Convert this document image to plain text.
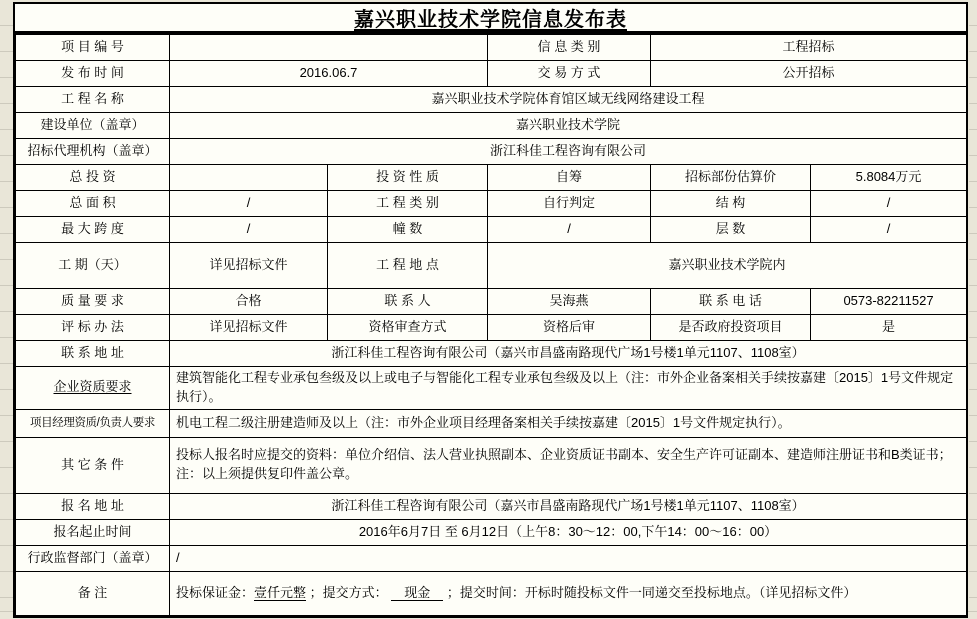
嘉兴职业技术学院信息发布表
项 目 编 号			信 息 类 别	工程招标	
发 布 时 间	2016.06.7		交 易 方 式	公开招标	
工 程 名 称	嘉兴职业技术学院体育馆区域无线网络建设工程				
建设单位（盖章）	嘉兴职业技术学院				
招标代理机构（盖章）	浙江科佳工程咨询有限公司				
总 投 资		投 资 性 质	自筹	招标部份估算价	5.8084万元
总 面 积	/	工 程 类 别	自行判定	结 构	/
最 大 跨 度	/	幢 数	/	层 数	/
工 期（天）	详见招标文件	工 程 地 点	嘉兴职业技术学院内		
质 量 要 求	合格	联 系 人	吴海燕	联 系 电 话	0573-82211527
评 标 办 法	详见招标文件	资格审查方式	资格后审	是否政府投资项目	是
联 系 地 址	浙江科佳工程咨询有限公司（嘉兴市昌盛南路现代广场1号楼1单元1107、1108室）				
企业资质要求	建筑智能化工程专业承包叁级及以上或电子与智能化工程专业承包叁级及以上（注：市外企业备案相关手续按嘉建〔2015〕1号文件规定执行）。				
项目经理资质/负责人要求	机电工程二级注册建造师及以上（注：市外企业项目经理备案相关手续按嘉建〔2015〕1号文件规定执行）。				
其 它 条 件	投标人报名时应提交的资料：单位介绍信、法人营业执照副本、企业资质证书副本、安全生产许可证副本、建造师注册证书和B类证书；注：以上须提供复印件盖公章。				
报 名 地 址	浙江科佳工程咨询有限公司（嘉兴市昌盛南路现代广场1号楼1单元1107、1108室）				
报名起止时间	2016年6月7日 至 6月12日（上午8：30～12：00,下午14：00～16：00）				
行政监督部门（盖章）	/				
备 注	投标保证金：壹仟元整 ；提交方式： 　现金　 ；提交时间：开标时随投标文件一同递交至投标地点。（详见招标文件）				
